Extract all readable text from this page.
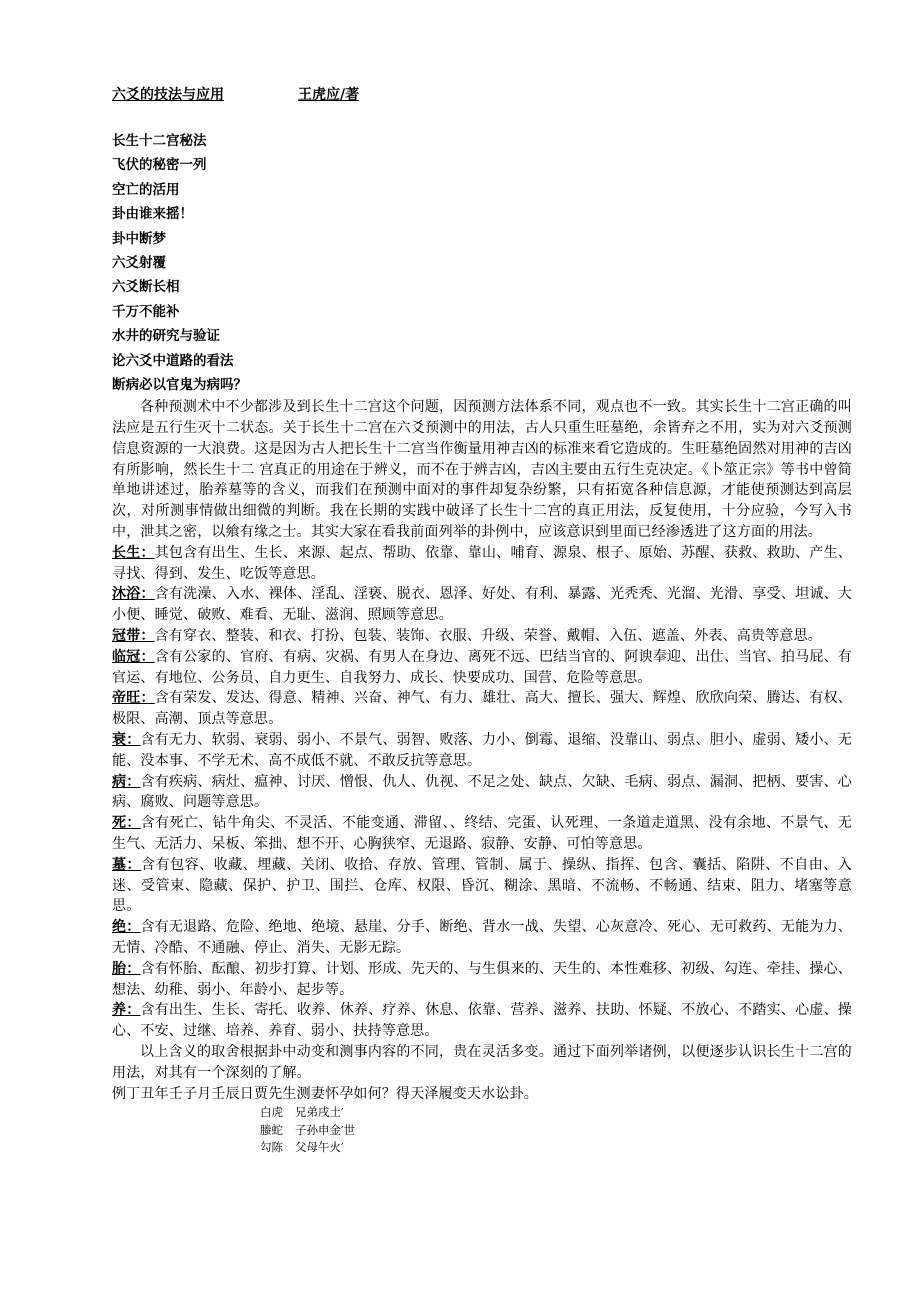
六爻的技法与应用	王虎应/著
长生十二宫秘法
飞伏的秘密一列
空亡的活用
卦由谁来摇！
卦中断梦
六爻射覆
六爻断长相
千万不能补
水井的研究与验证
论六爻中道路的看法
断病必以官鬼为病吗？
各种预测术中不少都涉及到长生十二宫这个问题，因预测方法体系不同，观点也不一致。其实长生十二宫正确的叫法应是五行生灭十二状态。关于长生十二宫在六爻预测中的用法，古人只重生旺墓绝，余皆弃之不用，实为对六爻预测信息资源的一大浪费。这是因为古人把长生十二宫当作衡量用神吉凶的标准来看它造成的。生旺墓绝固然对用神的吉凶有所影响，然长生十二 宫真正的用途在于辨义，而不在于辨吉凶，吉凶主要由五行生克决定。《卜筮正宗》等书中曾简单地讲述过，胎养墓等的含义，而我们在预测中面对的事件却复杂纷繁，只有拓宽各种信息源，才能使预测达到高层次，对所测事情做出细微的判断。我在长期的实践中破译了长生十二宫的真正用法，反复使用，十分应验，今写入书中，泄其之密，以飨有缘之士。其实大家在看我前面列举的卦例中，应该意识到里面已经渗透进了这方面的用法。
长生：其包含有出生、生长、来源、起点、帮助、依靠、靠山、哺育、源泉、根子、原始、苏醒、获救、救助、产生、寻找、得到、发生、吃饭等意思。
沐浴：含有洗澡、入水、裸体、淫乱、淫亵、脱衣、恩泽、好处、有利、暴露、光秃秃、光溜、光滑、享受、坦诚、大小便、睡觉、破败、难看、无耻、滋润、照顾等意思。
冠带：含有穿衣、整装、和衣、打扮、包装、装饰、衣服、升级、荣誉、戴帽、入伍、遮盖、外表、高贵等意思。
临冠：含有公家的、官府、有病、灾祸、有男人在身边、离死不远、巴结当官的、阿谀奉迎、出仕、当官、拍马屁、有官运、有地位、公务员、自力更生、自我努力、成长、快要成功、国营、危险等意思。
帝旺：含有荣发、发达、得意、精神、兴奋、神气、有力、雄壮、高大、擅长、强大、辉煌、欣欣向荣、腾达、有权、极限、高潮、顶点等意思。
衰：含有无力、软弱、衰弱、弱小、不景气、弱智、败落、力小、倒霉、退缩、没靠山、弱点、胆小、虚弱、矮小、无能、没本事、不学无术、高不成低不就、不敢反抗等意思。
病：含有疾病、病灶、瘟神、讨厌、憎恨、仇人、仇视、不足之处、缺点、欠缺、毛病、弱点、漏洞、把柄、要害、心病、腐败、问题等意思。
死：含有死亡、钻牛角尖、不灵活、不能变通、滞留、、终结、完蛋、认死理、一条道走道黑、没有余地、不景气、无生气、无活力、呆板、笨拙、想不开、心胸狭窄、无退路、寂静、安静、可怕等意思。
墓：含有包容、收藏、埋藏、关闭、收拾、存放、管理、管制、属于、操纵、指挥、包含、囊括、陷阱、不自由、入迷、受管束、隐藏、保护、护卫、围拦、仓库、权限、昏沉、糊涂、黑暗、不流畅、不畅通、结束、阻力、堵塞等意思。
绝：含有无退路、危险、绝地、绝境、悬崖、分手、断绝、背水一战、失望、心灰意冷、死心、无可救药、无能为力、无情、冷酷、不通融、停止、消失、无影无踪。
胎：含有怀胎、酝酿、初步打算、计划、形成、先天的、与生俱来的、天生的、本性难移、初级、勾连、牵挂、操心、想法、幼稚、弱小、年龄小、起步等。
养：含有出生、生长、寄托、收养、休养、疗养、休息、依靠、营养、滋养、扶助、怀疑、不放心、不踏实、心虚、操心、不安、过继、培养、养育、弱小、扶持等意思。
以上含义的取舍根据卦中动变和测事内容的不同，贵在灵活多变。通过下面列举诸例，以便逐步认识长生十二宫的用法，对其有一个深刻的了解。
例丁丑年壬子月壬辰日贾先生测妻怀孕如何？得天泽履变天水讼卦。
白虎 兄弟戌土′
螣蛇 子孙申金′世
勾陈 父母午火′
